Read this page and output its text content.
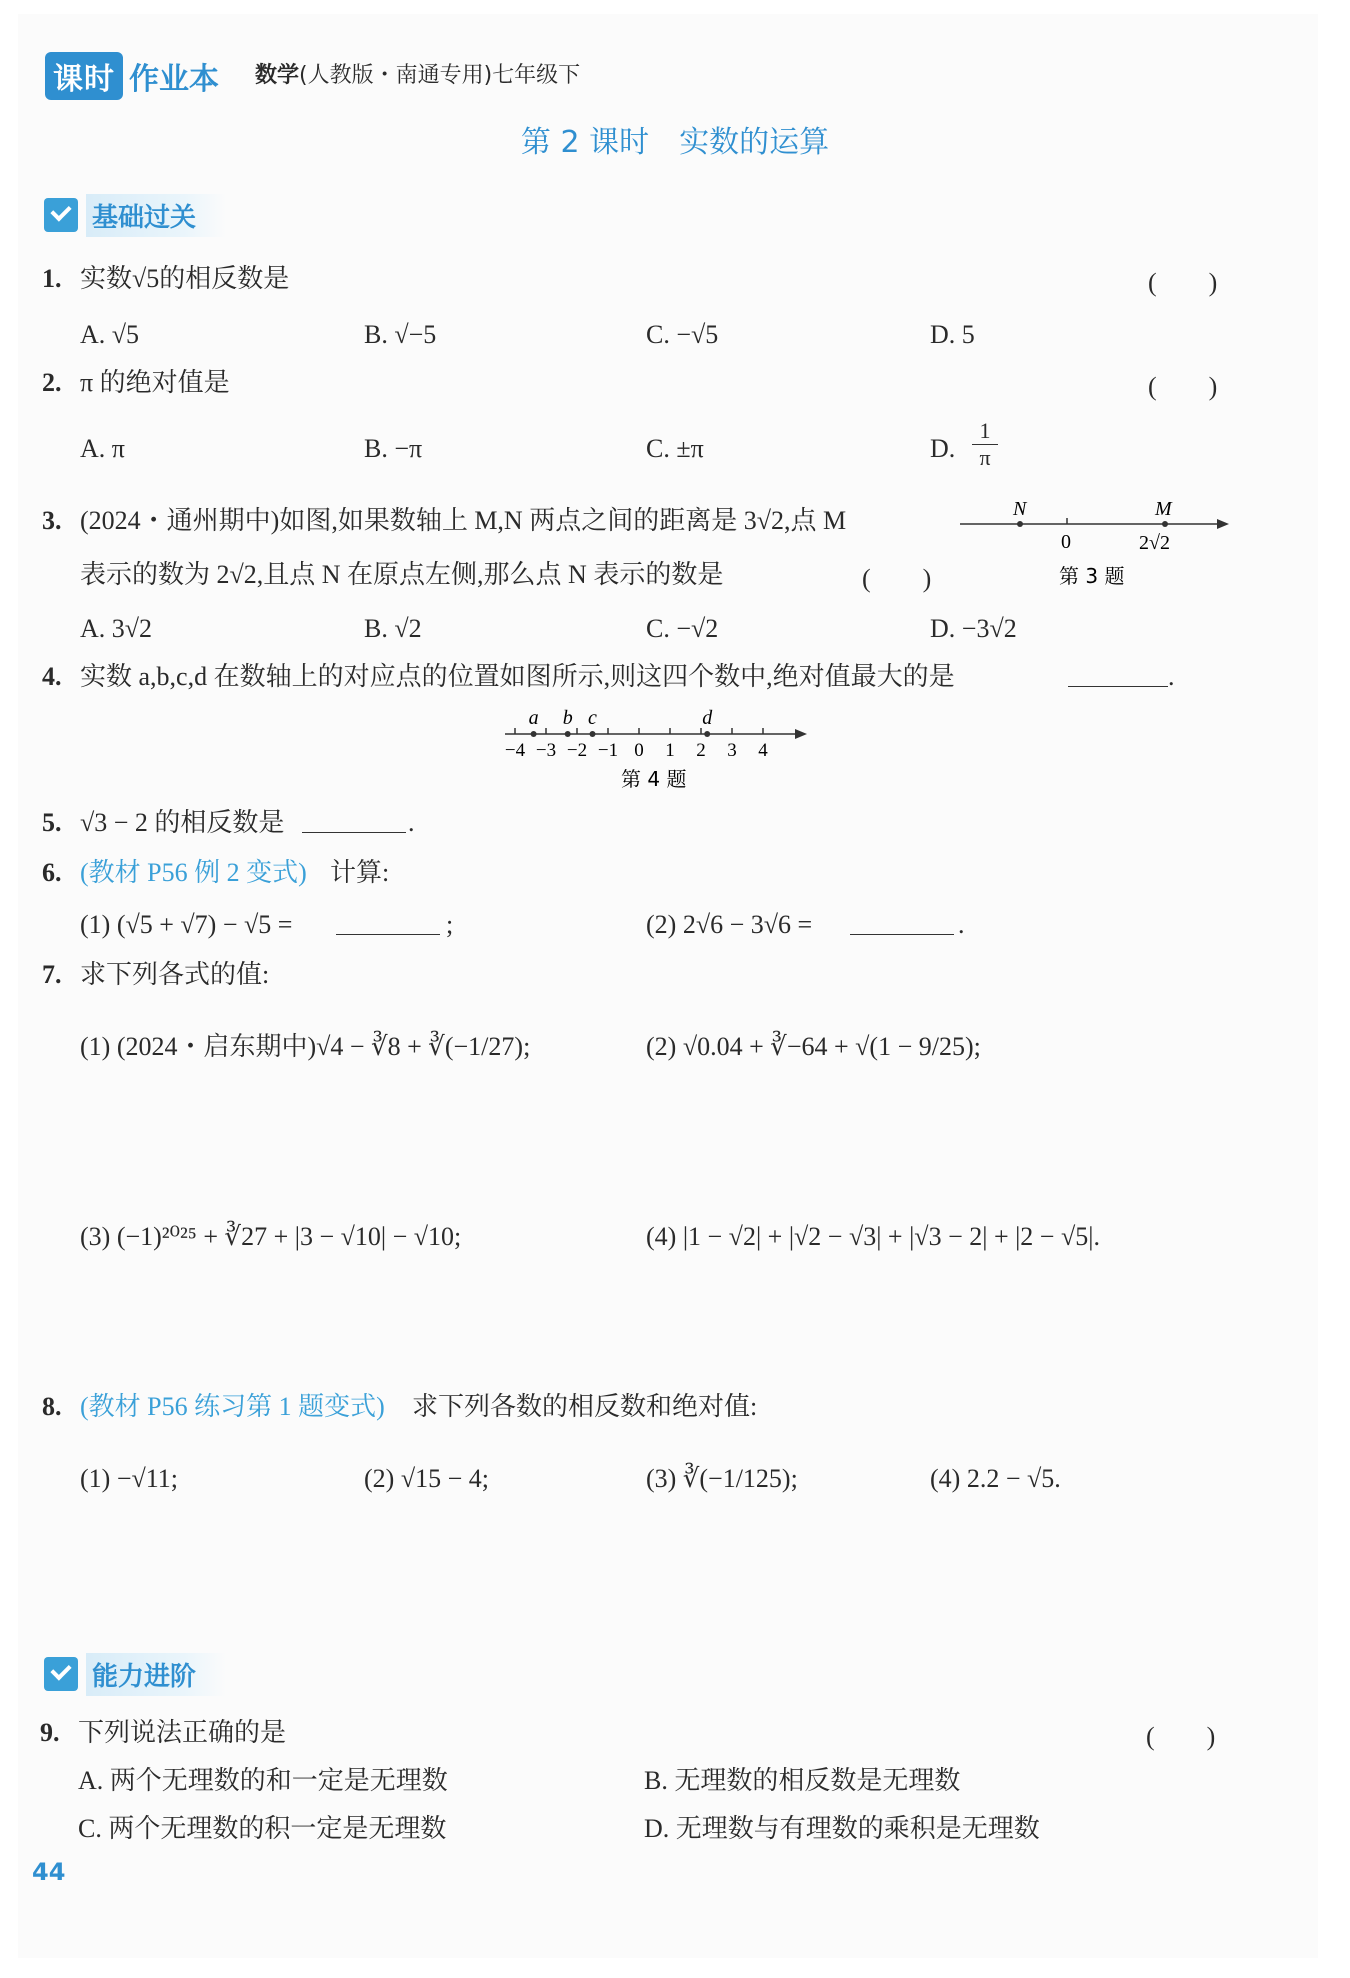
课时 作业本 数学(人教版・南通专用)七年级下
第 2 课时　实数的运算
基础过关
1. 实数√5的相反数是	(　　)
A. √5	B. √−5	C. −√5	D. 5
2. π 的绝对值是	(　　)
A. π	B. −π	C. ±π	D. $\frac{1}{\pi}$
3. (2024・通州期中)如图,如果数轴上 M,N 两点之间的距离是 3√2,点 M
表示的数为 2√2,且点 N 在原点左侧,那么点 N 表示的数是	(　　)
N	M
0	2√2
第 3 题
A. 3√2	B. √2	C. −√2	D. −3√2
4. 实数 a,b,c,d 在数轴上的对应点的位置如图所示,则这四个数中,绝对值最大的是	.
−4 −3 −2 −1 0 1 2 3 4
a b c	d
第 4 题
5. √3 − 2 的相反数是	.
6. (教材 P56 例 2 变式) 计算:
(1) (√5 + √7) − √5 =	;	(2) 2√6 − 3√6 =	.
7. 求下列各式的值:
(1) (2024・启东期中)√4 − ∛8 + ∛(−1/27);	(2) √0.04 + ∛−64 + √(1 − 9/25);
(3) (−1)²⁰²⁵ + ∛27 + |3 − √10| − √10;	(4) |1 − √2| + |√2 − √3| + |√3 − 2| + |2 − √5|.
8. (教材 P56 练习第 1 题变式) 求下列各数的相反数和绝对值:
(1) −√11;	(2) √15 − 4;	(3) ∛(−1/125);	(4) 2.2 − √5.
能力进阶
9. 下列说法正确的是	(　　)
A. 两个无理数的和一定是无理数	B. 无理数的相反数是无理数
C. 两个无理数的积一定是无理数	D. 无理数与有理数的乘积是无理数
44
